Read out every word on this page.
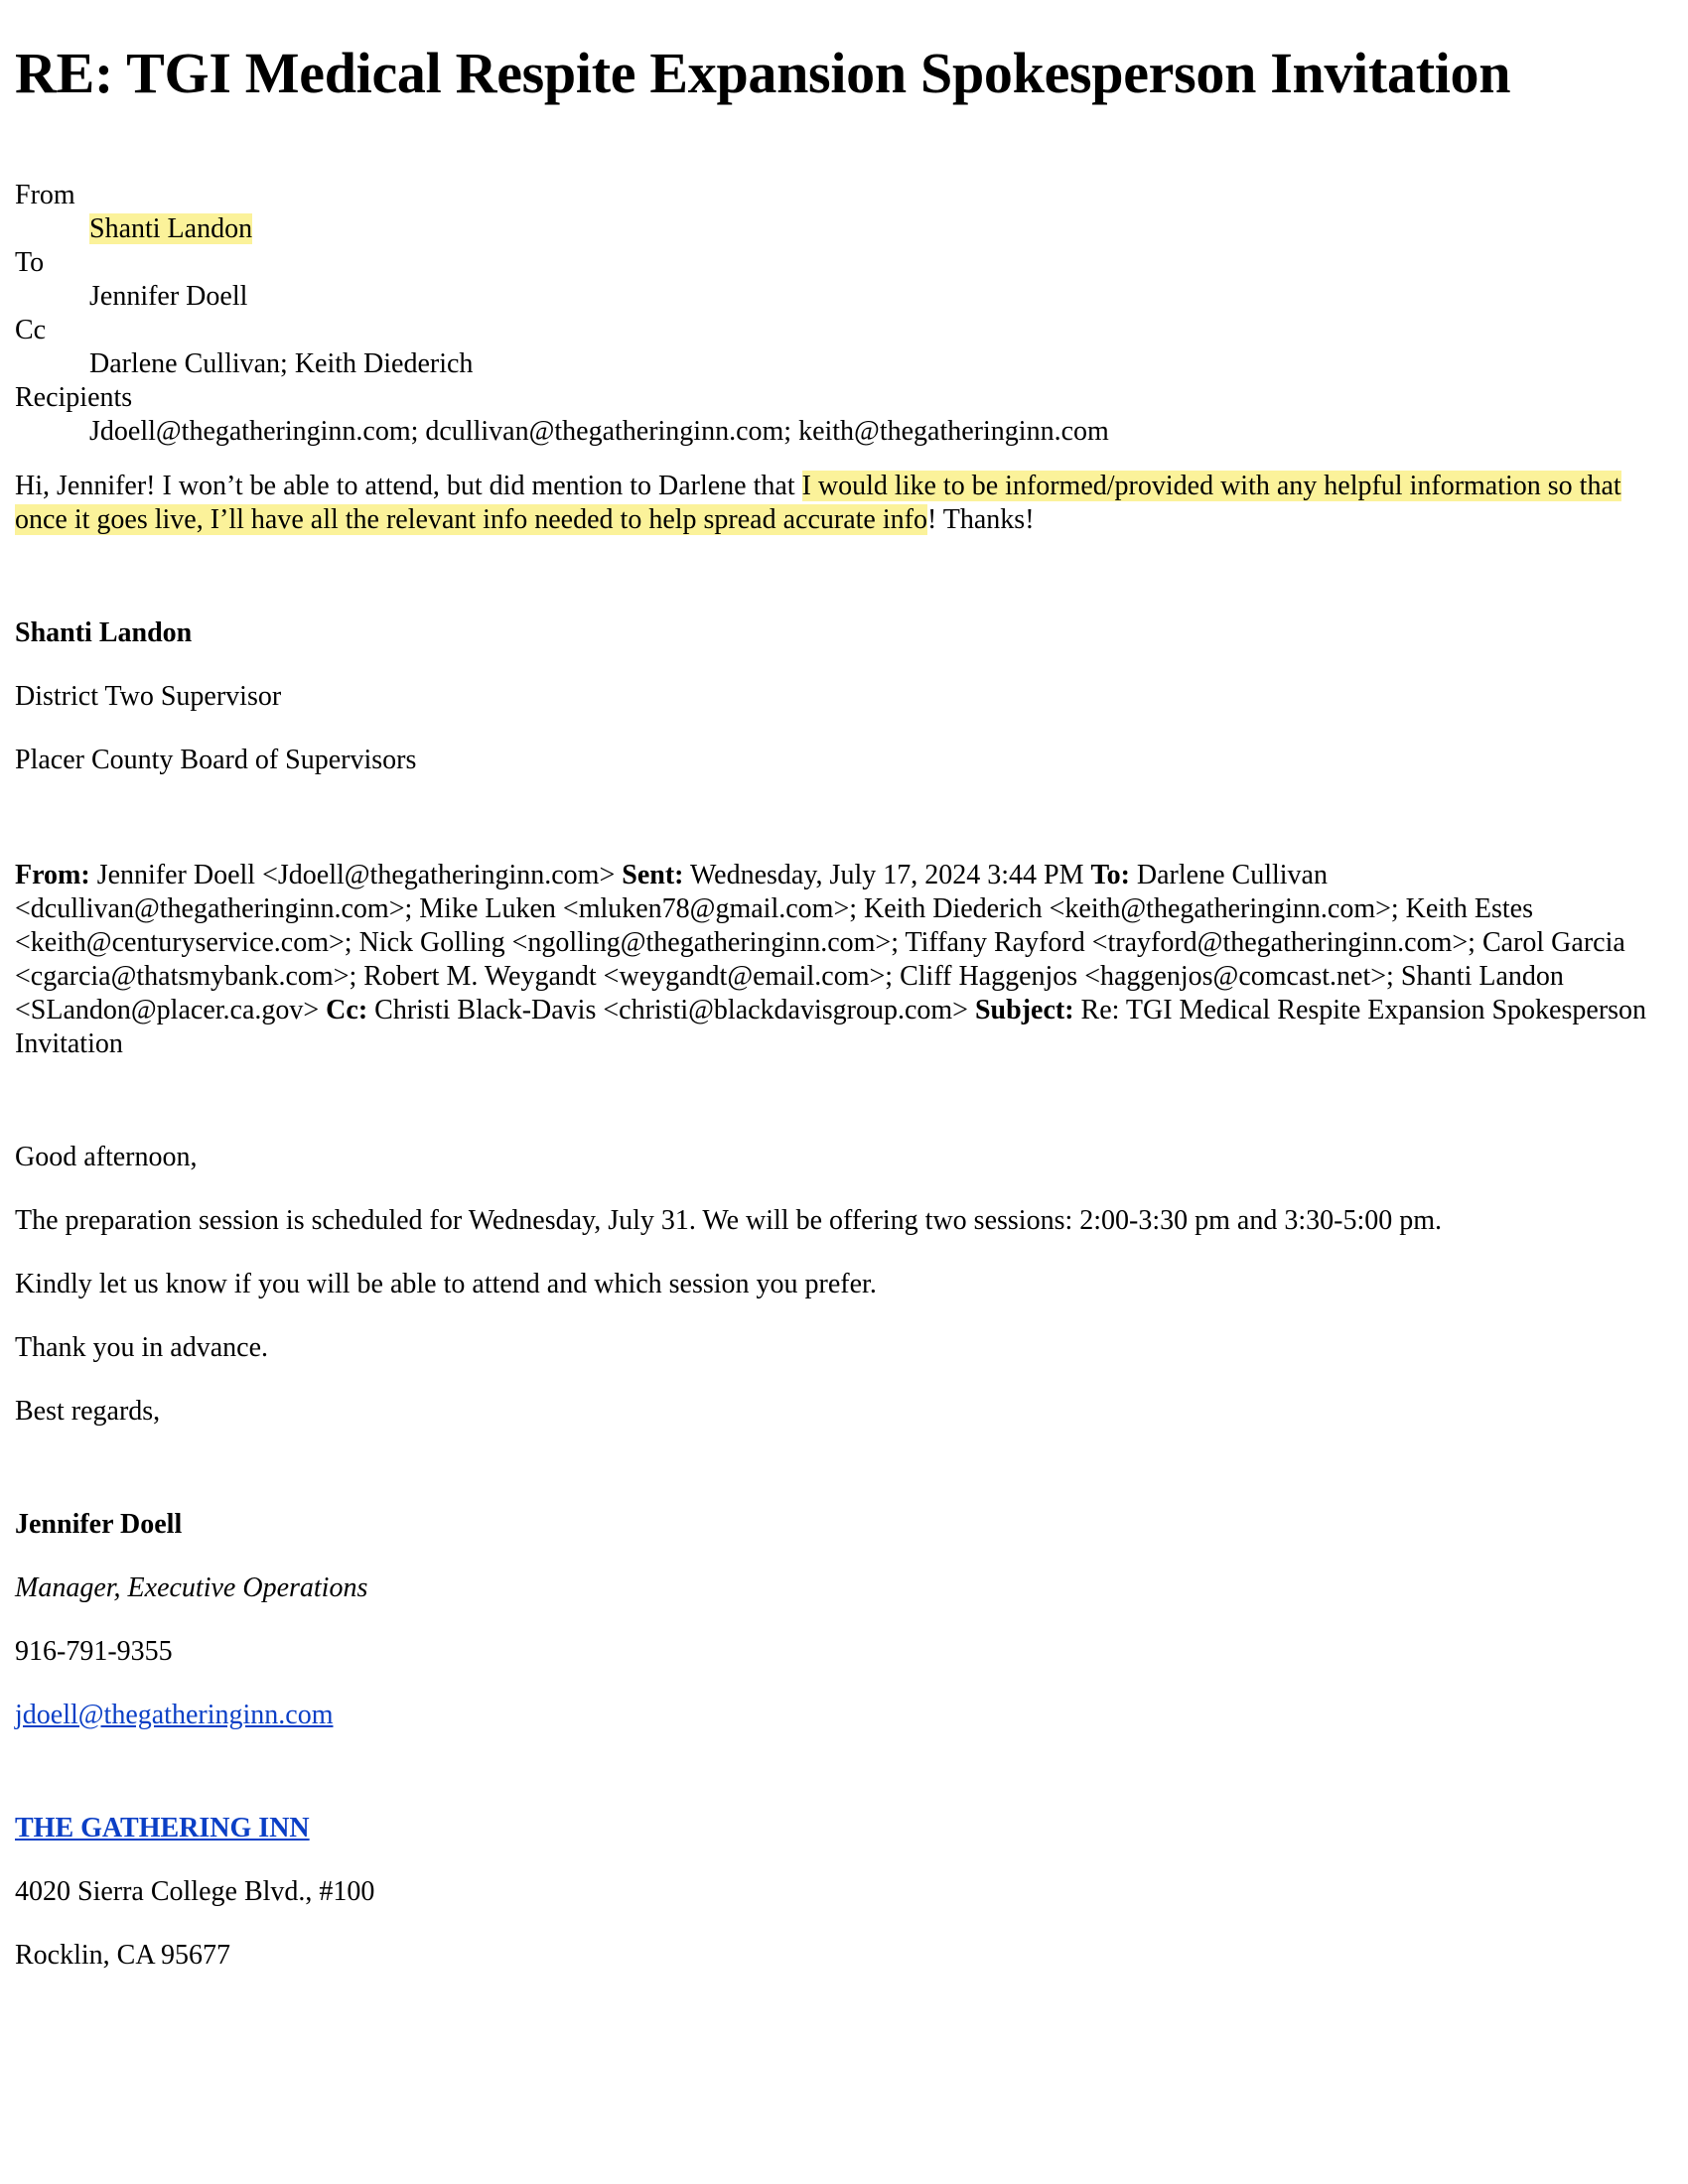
RE: TGI Medical Respite Expansion Spokesperson Invitation
From
Shanti Landon
To
Jennifer Doell
Cc
Darlene Cullivan; Keith Diederich
Recipients
Jdoell@thegatheringinn.com; dcullivan@thegatheringinn.com; keith@thegatheringinn.com
Hi, Jennifer! I won’t be able to attend, but did mention to Darlene that I would like to be informed/provided with any helpful information so that once it goes live, I’ll have all the relevant info needed to help spread accurate info! Thanks!

Shanti Landon

District Two Supervisor

Placer County Board of Supervisors

From: Jennifer Doell <Jdoell@thegatheringinn.com> Sent: Wednesday, July 17, 2024 3:44 PM To: Darlene Cullivan <dcullivan@thegatheringinn.com>; Mike Luken <mluken78@gmail.com>; Keith Diederich <keith@thegatheringinn.com>; Keith Estes <keith@centuryservice.com>; Nick Golling <ngolling@thegatheringinn.com>; Tiffany Rayford <trayford@thegatheringinn.com>; Carol Garcia <cgarcia@thatsmybank.com>; Robert M. Weygandt <weygandt@email.com>; Cliff Haggenjos <haggenjos@comcast.net>; Shanti Landon <SLandon@placer.ca.gov> Cc: Christi Black-Davis <christi@blackdavisgroup.com> Subject: Re: TGI Medical Respite Expansion Spokesperson Invitation

Good afternoon,

The preparation session is scheduled for Wednesday, July 31. We will be offering two sessions: 2:00-3:30 pm and 3:30-5:00 pm.

Kindly let us know if you will be able to attend and which session you prefer.

Thank you in advance.

Best regards,

Jennifer Doell

Manager, Executive Operations

916-791-9355

jdoell@thegatheringinn.com

THE GATHERING INN

4020 Sierra College Blvd., #100

Rocklin, CA 95677
